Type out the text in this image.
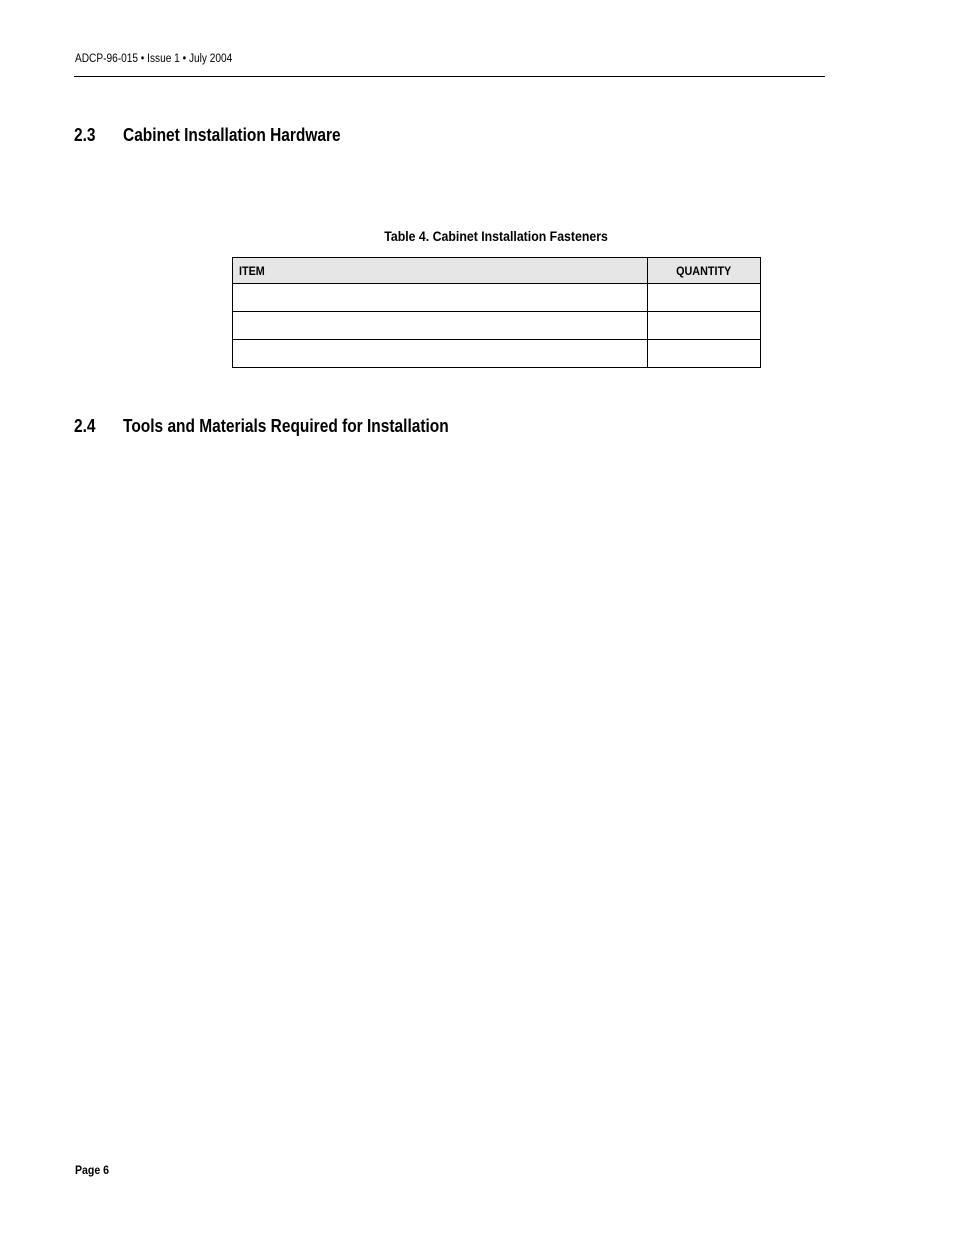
ADCP-96-015 • Issue 1 • July 2004
2.3 Cabinet Installation Hardware
Table 4. Cabinet Installation Fasteners
ITEM	QUANTITY

2.4 Tools and Materials Required for Installation
Page 6
